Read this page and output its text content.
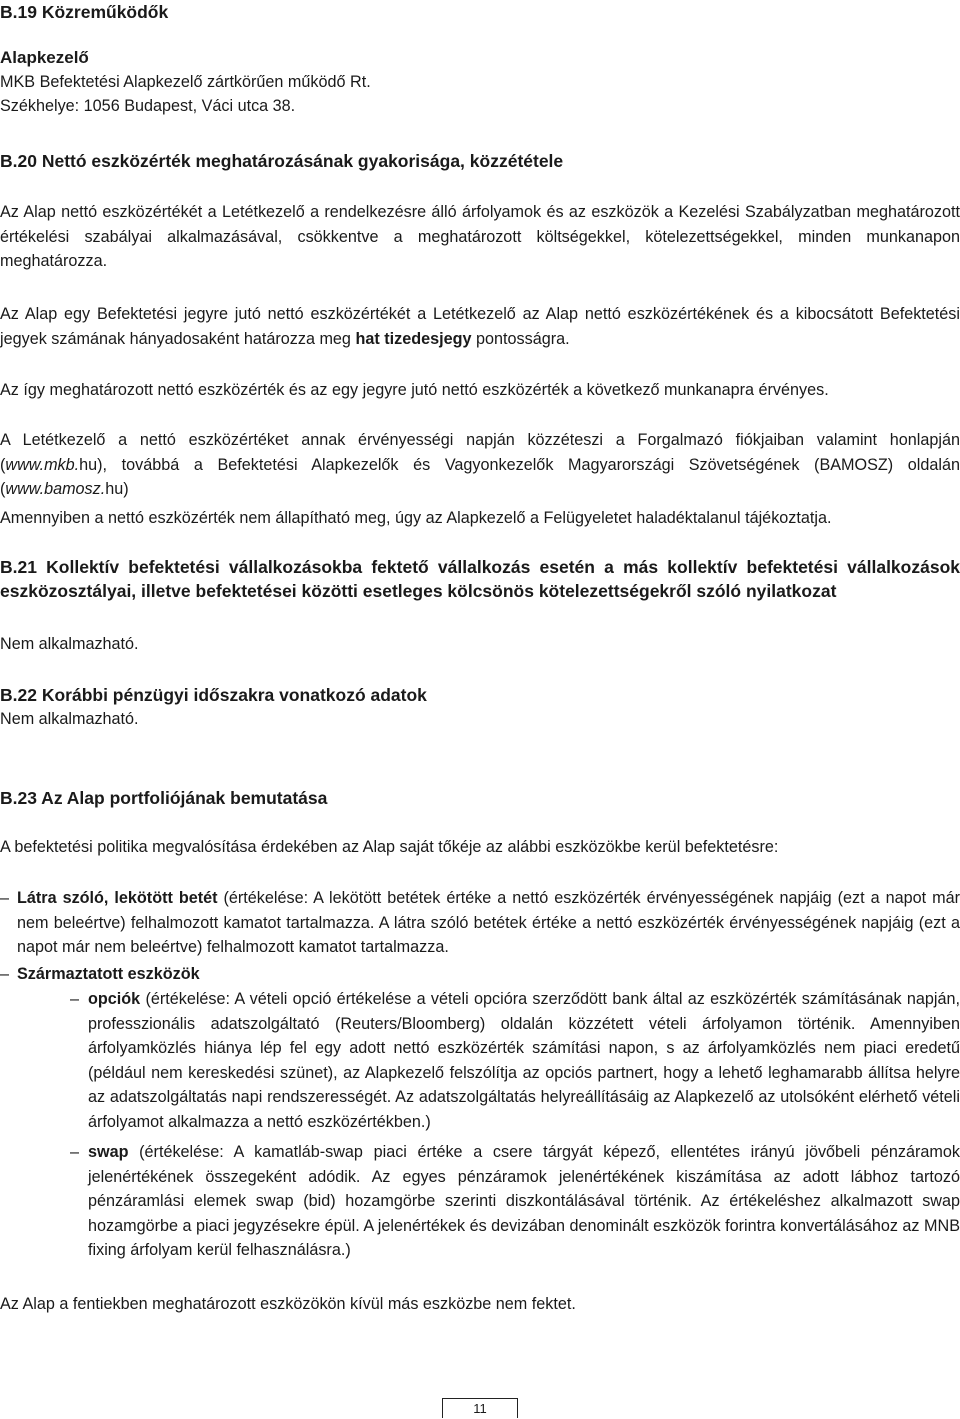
B.19 Közreműködők
Alapkezelő

MKB Befektetési Alapkezelő zártkörűen működő Rt.

Székhelye: 1056 Budapest, Váci utca 38.

B.20 Nettó eszközérték meghatározásának gyakorisága, közzététele

Az Alap nettó eszközértékét a Letétkezelő a rendelkezésre álló árfolyamok és az eszközök a Kezelési Szabályzatban meghatározott értékelési szabályai alkalmazásával, csökkentve a meghatározott költségekkel, kötelezettségekkel, minden munkanapon meghatározza.

Az Alap egy Befektetési jegyre jutó nettó eszközértékét a Letétkezelő az Alap nettó eszközértékének és a kibocsátott Befektetési jegyek számának hányadosaként határozza meg hat tizedesjegy pontosságra.

Az így meghatározott nettó eszközérték és az egy jegyre jutó nettó eszközérték a következő munkanapra érvényes.

A Letétkezelő a nettó eszközértéket annak érvényességi napján közzéteszi a Forgalmazó fiókjaiban valamint honlapján (www.mkb.hu), továbbá a Befektetési Alapkezelők és Vagyonkezelők Magyarországi Szövetségének (BAMOSZ) oldalán (www.bamosz.hu)

Amennyiben a nettó eszközérték nem állapítható meg, úgy az Alapkezelő a Felügyeletet haladéktalanul tájékoztatja.

B.21 Kollektív befektetési vállalkozásokba fektető vállalkozás esetén a más kollektív befektetési vállalkozások eszközosztályai, illetve befektetései közötti esetleges kölcsönös kötelezettségekről szóló nyilatkozat

Nem alkalmazható.

B.22 Korábbi pénzügyi időszakra vonatkozó adatok

Nem alkalmazható.

B.23 Az Alap portfoliójának bemutatása

A befektetési politika megvalósítása érdekében az Alap saját tőkéje az alábbi eszközökbe kerül befektetésre:

– Látra szóló, lekötött betét (értékelése: A lekötött betétek értéke a nettó eszközérték érvényességének napjáig (ezt a napot már nem beleértve) felhalmozott kamatot tartalmazza. A látra szóló betétek értéke a nettó eszközérték érvényességének napjáig (ezt a napot már nem beleértve) felhalmozott kamatot tartalmazza.

– Származtatott eszközök

– opciók (értékelése: A vételi opció értékelése a vételi opcióra szerződött bank által az eszközérték számításának napján, professzionális adatszolgáltató (Reuters/Bloomberg) oldalán közzétett vételi árfolyamon történik. Amennyiben árfolyamközlés hiánya lép fel egy adott nettó eszközérték számítási napon, s az árfolyamközlés nem piaci eredetű (például nem kereskedési szünet), az Alapkezelő felszólítja az opciós partnert, hogy a lehető leghamarabb állítsa helyre az adatszolgáltatás napi rendszerességét. Az adatszolgáltatás helyreállításáig az Alapkezelő az utolsóként elérhető vételi árfolyamot alkalmazza a nettó eszközértékben.)

– swap (értékelése: A kamatláb-swap piaci értéke a csere tárgyát képező, ellentétes irányú jövőbeli pénzáramok jelenértékének összegeként adódik. Az egyes pénzáramok jelenértékének kiszámítása az adott lábhoz tartozó pénzáramlási elemek swap (bid) hozamgörbe szerinti diszkontálásával történik. Az értékeléshez alkalmazott swap hozamgörbe a piaci jegyzésekre épül. A jelenértékek és devizában denominált eszközök forintra konvertálásához az MNB fixing árfolyam kerül felhasználásra.)

Az Alap a fentiekben meghatározott eszközökön kívül más eszközbe nem fektet.

11
